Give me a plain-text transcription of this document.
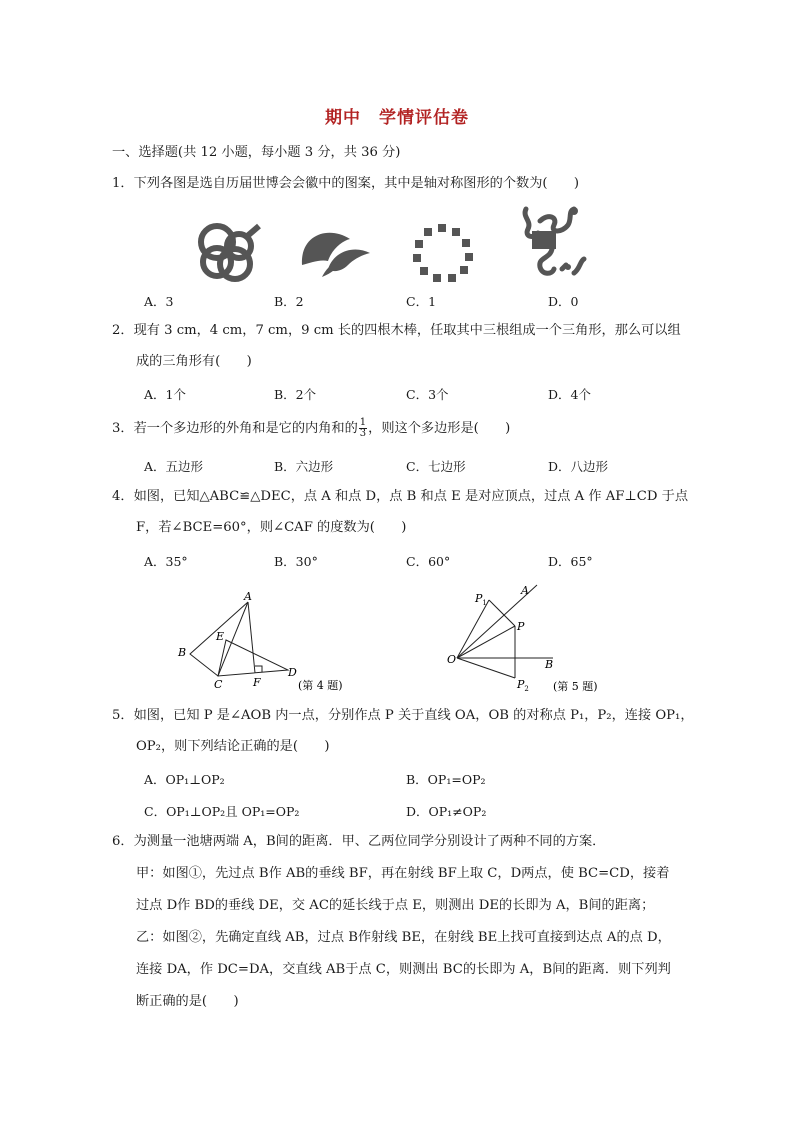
期中　学情评估卷
一、选择题(共 12 小题，每小题 3 分，共 36 分)
1．下列各图是选自历届世博会会徽中的图案，其中是轴对称图形的个数为(　　)
A．3	B．2	C．1	D．0
2．现有 3 cm，4 cm，7 cm，9 cm 长的四根木棒，任取其中三根组成一个三角形，那么可以组
成的三角形有(　　)
A．1个	B．2个	C．3个	D．4个
3．若一个多边形的外角和是它的内角和的 $\frac{1}{3}$ ，则这个多边形是(　　)
A．五边形	B．六边形	C．七边形	D．八边形
4．如图，已知△ABC≌△DEC，点 A 和点 D，点 B 和点 E 是对应顶点，过点 A 作 AF⊥CD 于点
F，若∠BCE=60°，则∠CAF 的度数为(　　)
A．35°	B．30°	C．60°	D．65°
A
B
C
D
E
F	(第 4 题)
O
A
B
P
$P_1$
$P_2$ (第 5 题)
5．如图，已知 P 是∠AOB 内一点，分别作点 P 关于直线 OA，OB 的对称点 P₁，P₂，连接 OP₁，
OP₂，则下列结论正确的是(　　)
A．OP₁⊥OP₂	B．OP₁=OP₂
C．OP₁⊥OP₂且 OP₁=OP₂	D．OP₁≠OP₂
6．为测量一池塘两端 A，B间的距离．甲、乙两位同学分别设计了两种不同的方案．
甲：如图①，先过点 B作 AB的垂线 BF，再在射线 BF上取 C，D两点，使 BC=CD，接着
过点 D作 BD的垂线 DE，交 AC的延长线于点 E，则测出 DE的长即为 A，B间的距离；
乙：如图②，先确定直线 AB，过点 B作射线 BE，在射线 BE上找可直接到达点 A的点 D，
连接 DA，作 DC=DA，交直线 AB于点 C，则测出 BC的长即为 A，B间的距离．则下列判
断正确的是(　　)
